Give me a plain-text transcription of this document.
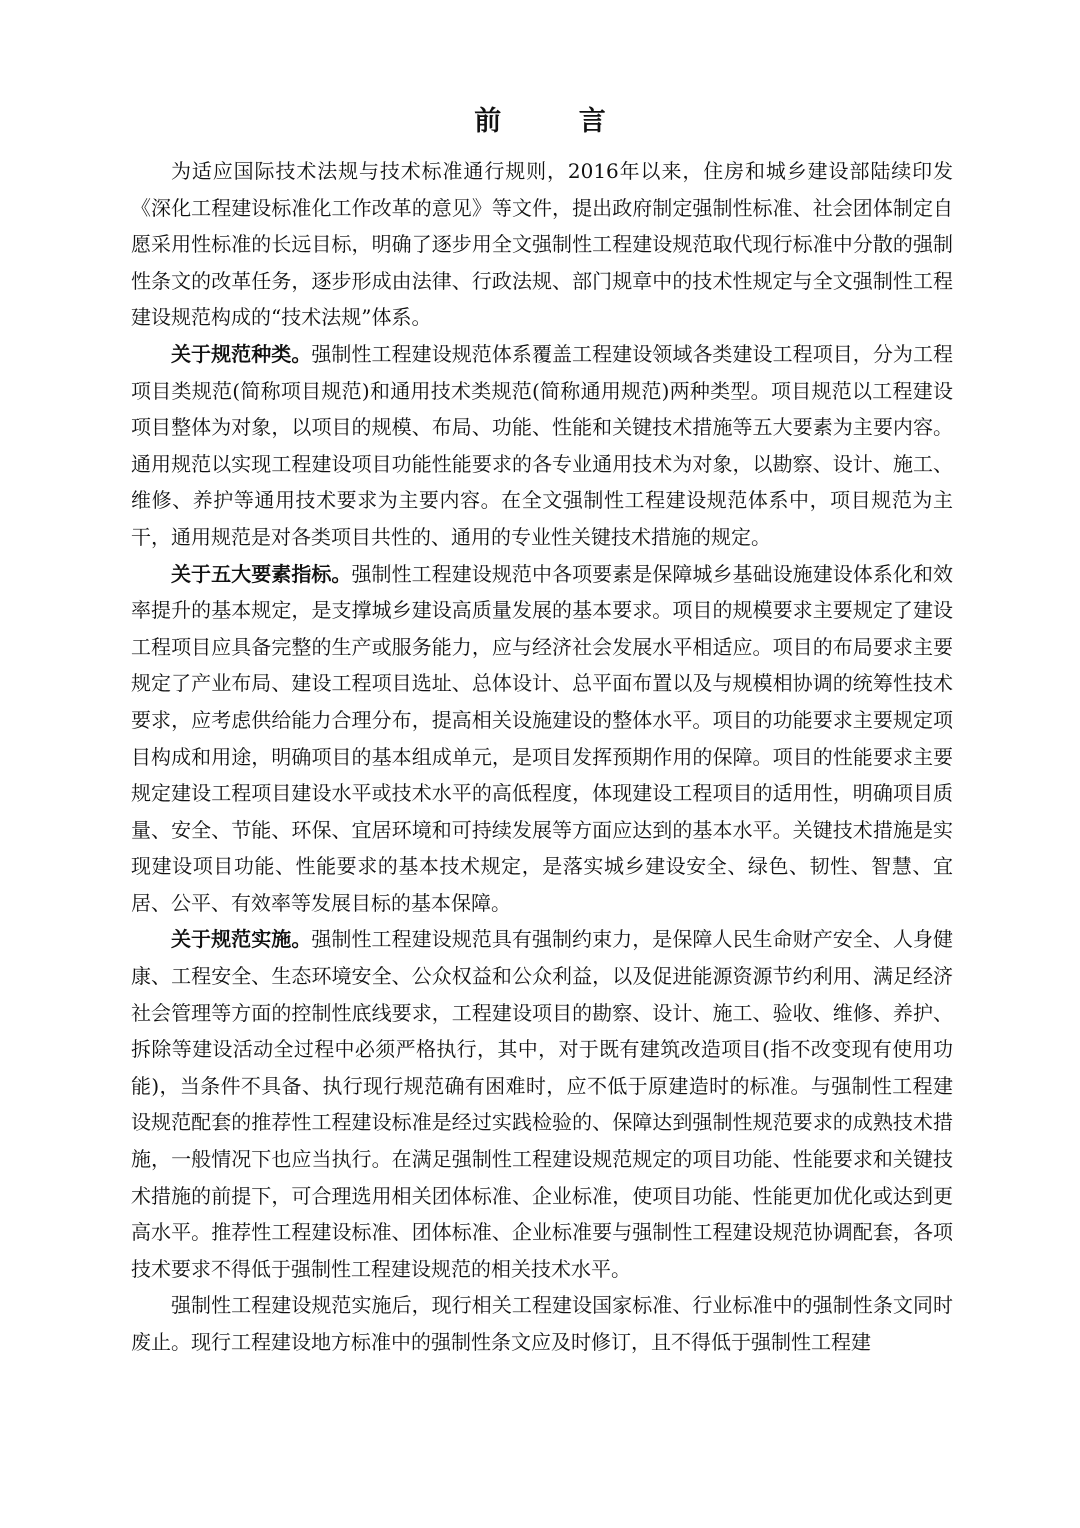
前 言

为适应国际技术法规与技术标准通行规则，2016年以来，住房和城乡建设部陆续印发《深化工程建设标准化工作改革的意见》等文件，提出政府制定强制性标准、社会团体制定自愿采用性标准的长远目标，明确了逐步用全文强制性工程建设规范取代现行标准中分散的强制性条文的改革任务，逐步形成由法律、行政法规、部门规章中的技术性规定与全文强制性工程建设规范构成的“技术法规”体系。

关于规范种类。强制性工程建设规范体系覆盖工程建设领域各类建设工程项目，分为工程项目类规范(简称项目规范)和通用技术类规范(简称通用规范)两种类型。项目规范以工程建设项目整体为对象，以项目的规模、布局、功能、性能和关键技术措施等五大要素为主要内容。通用规范以实现工程建设项目功能性能要求的各专业通用技术为对象，以勘察、设计、施工、维修、养护等通用技术要求为主要内容。在全文强制性工程建设规范体系中，项目规范为主干，通用规范是对各类项目共性的、通用的专业性关键技术措施的规定。

关于五大要素指标。强制性工程建设规范中各项要素是保障城乡基础设施建设体系化和效率提升的基本规定，是支撑城乡建设高质量发展的基本要求。项目的规模要求主要规定了建设工程项目应具备完整的生产或服务能力，应与经济社会发展水平相适应。项目的布局要求主要规定了产业布局、建设工程项目选址、总体设计、总平面布置以及与规模相协调的统筹性技术要求，应考虑供给能力合理分布，提高相关设施建设的整体水平。项目的功能要求主要规定项目构成和用途，明确项目的基本组成单元，是项目发挥预期作用的保障。项目的性能要求主要规定建设工程项目建设水平或技术水平的高低程度，体现建设工程项目的适用性，明确项目质量、安全、节能、环保、宜居环境和可持续发展等方面应达到的基本水平。关键技术措施是实现建设项目功能、性能要求的基本技术规定，是落实城乡建设安全、绿色、韧性、智慧、宜居、公平、有效率等发展目标的基本保障。

关于规范实施。强制性工程建设规范具有强制约束力，是保障人民生命财产安全、人身健康、工程安全、生态环境安全、公众权益和公众利益，以及促进能源资源节约利用、满足经济社会管理等方面的控制性底线要求，工程建设项目的勘察、设计、施工、验收、维修、养护、拆除等建设活动全过程中必须严格执行，其中，对于既有建筑改造项目(指不改变现有使用功能)，当条件不具备、执行现行规范确有困难时，应不低于原建造时的标准。与强制性工程建设规范配套的推荐性工程建设标准是经过实践检验的、保障达到强制性规范要求的成熟技术措施，一般情况下也应当执行。在满足强制性工程建设规范规定的项目功能、性能要求和关键技术措施的前提下，可合理选用相关团体标准、企业标准，使项目功能、性能更加优化或达到更高水平。推荐性工程建设标准、团体标准、企业标准要与强制性工程建设规范协调配套，各项技术要求不得低于强制性工程建设规范的相关技术水平。

强制性工程建设规范实施后，现行相关工程建设国家标准、行业标准中的强制性条文同时废止。现行工程建设地方标准中的强制性条文应及时修订，且不得低于强制性工程建
